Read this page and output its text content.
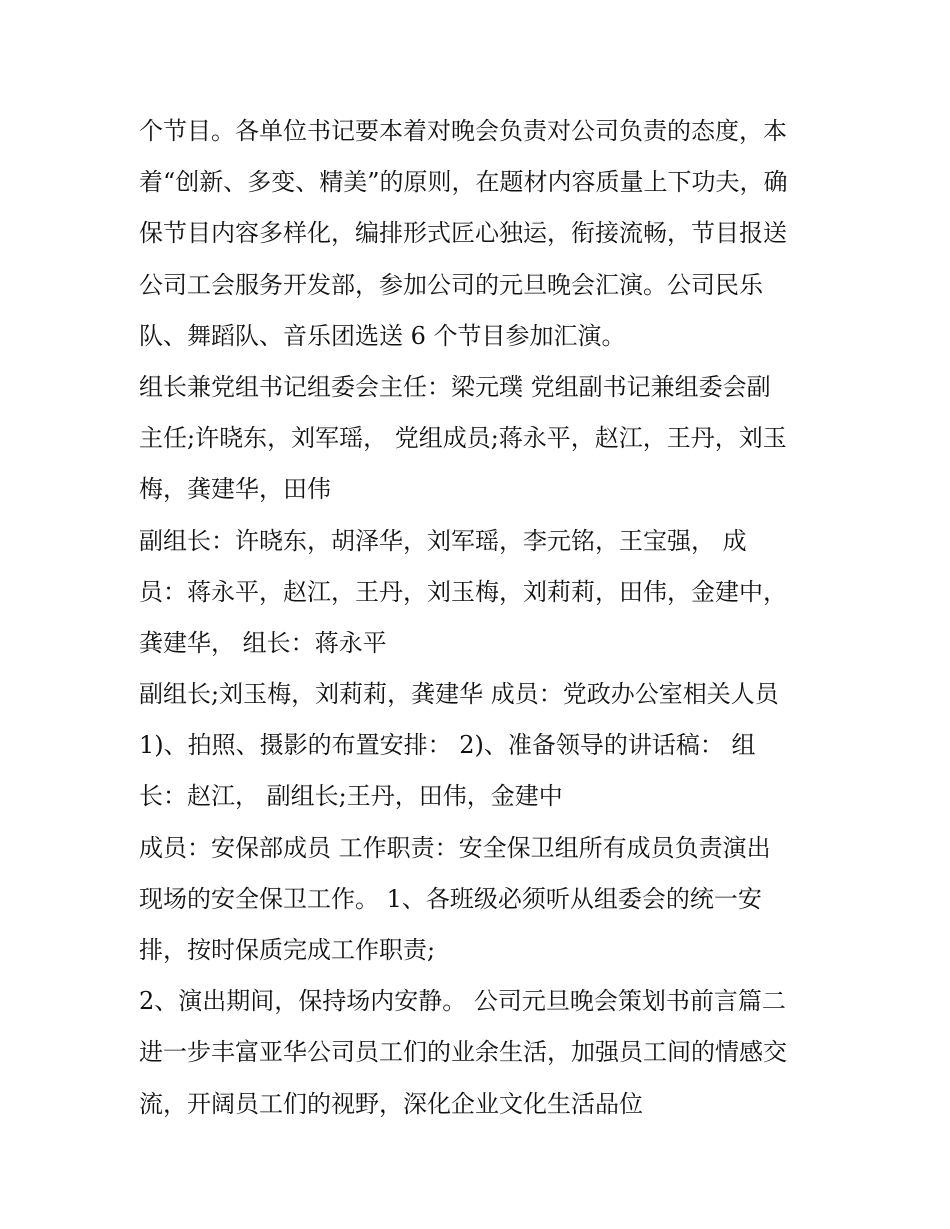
个节目。各单位书记要本着对晚会负责对公司负责的态度，本
着“创新、多变、精美”的原则，在题材内容质量上下功夫，确
保节目内容多样化，编排形式匠心独运，衔接流畅，节目报送
公司工会服务开发部，参加公司的元旦晚会汇演。公司民乐
队、舞蹈队、音乐团选送 6 个节目参加汇演。
组长兼党组书记组委会主任：梁元璞 党组副书记兼组委会副
主任;许晓东，刘军瑶， 党组成员;蒋永平，赵江，王丹，刘玉
梅，龚建华，田伟
副组长：许晓东，胡泽华，刘军瑶，李元铭，王宝强， 成
员：蒋永平，赵江，王丹，刘玉梅，刘莉莉，田伟，金建中，
龚建华， 组长：蒋永平
副组长;刘玉梅，刘莉莉，龚建华 成员：党政办公室相关人员
1)、拍照、摄影的布置安排： 2)、准备领导的讲话稿： 组
长：赵江， 副组长;王丹，田伟，金建中
成员：安保部成员 工作职责：安全保卫组所有成员负责演出
现场的安全保卫工作。 1、各班级必须听从组委会的统一安
排，按时保质完成工作职责;
2、演出期间，保持场内安静。 公司元旦晚会策划书前言篇二
进一步丰富亚华公司员工们的业余生活，加强员工间的情感交
流，开阔员工们的视野，深化企业文化生活品位
